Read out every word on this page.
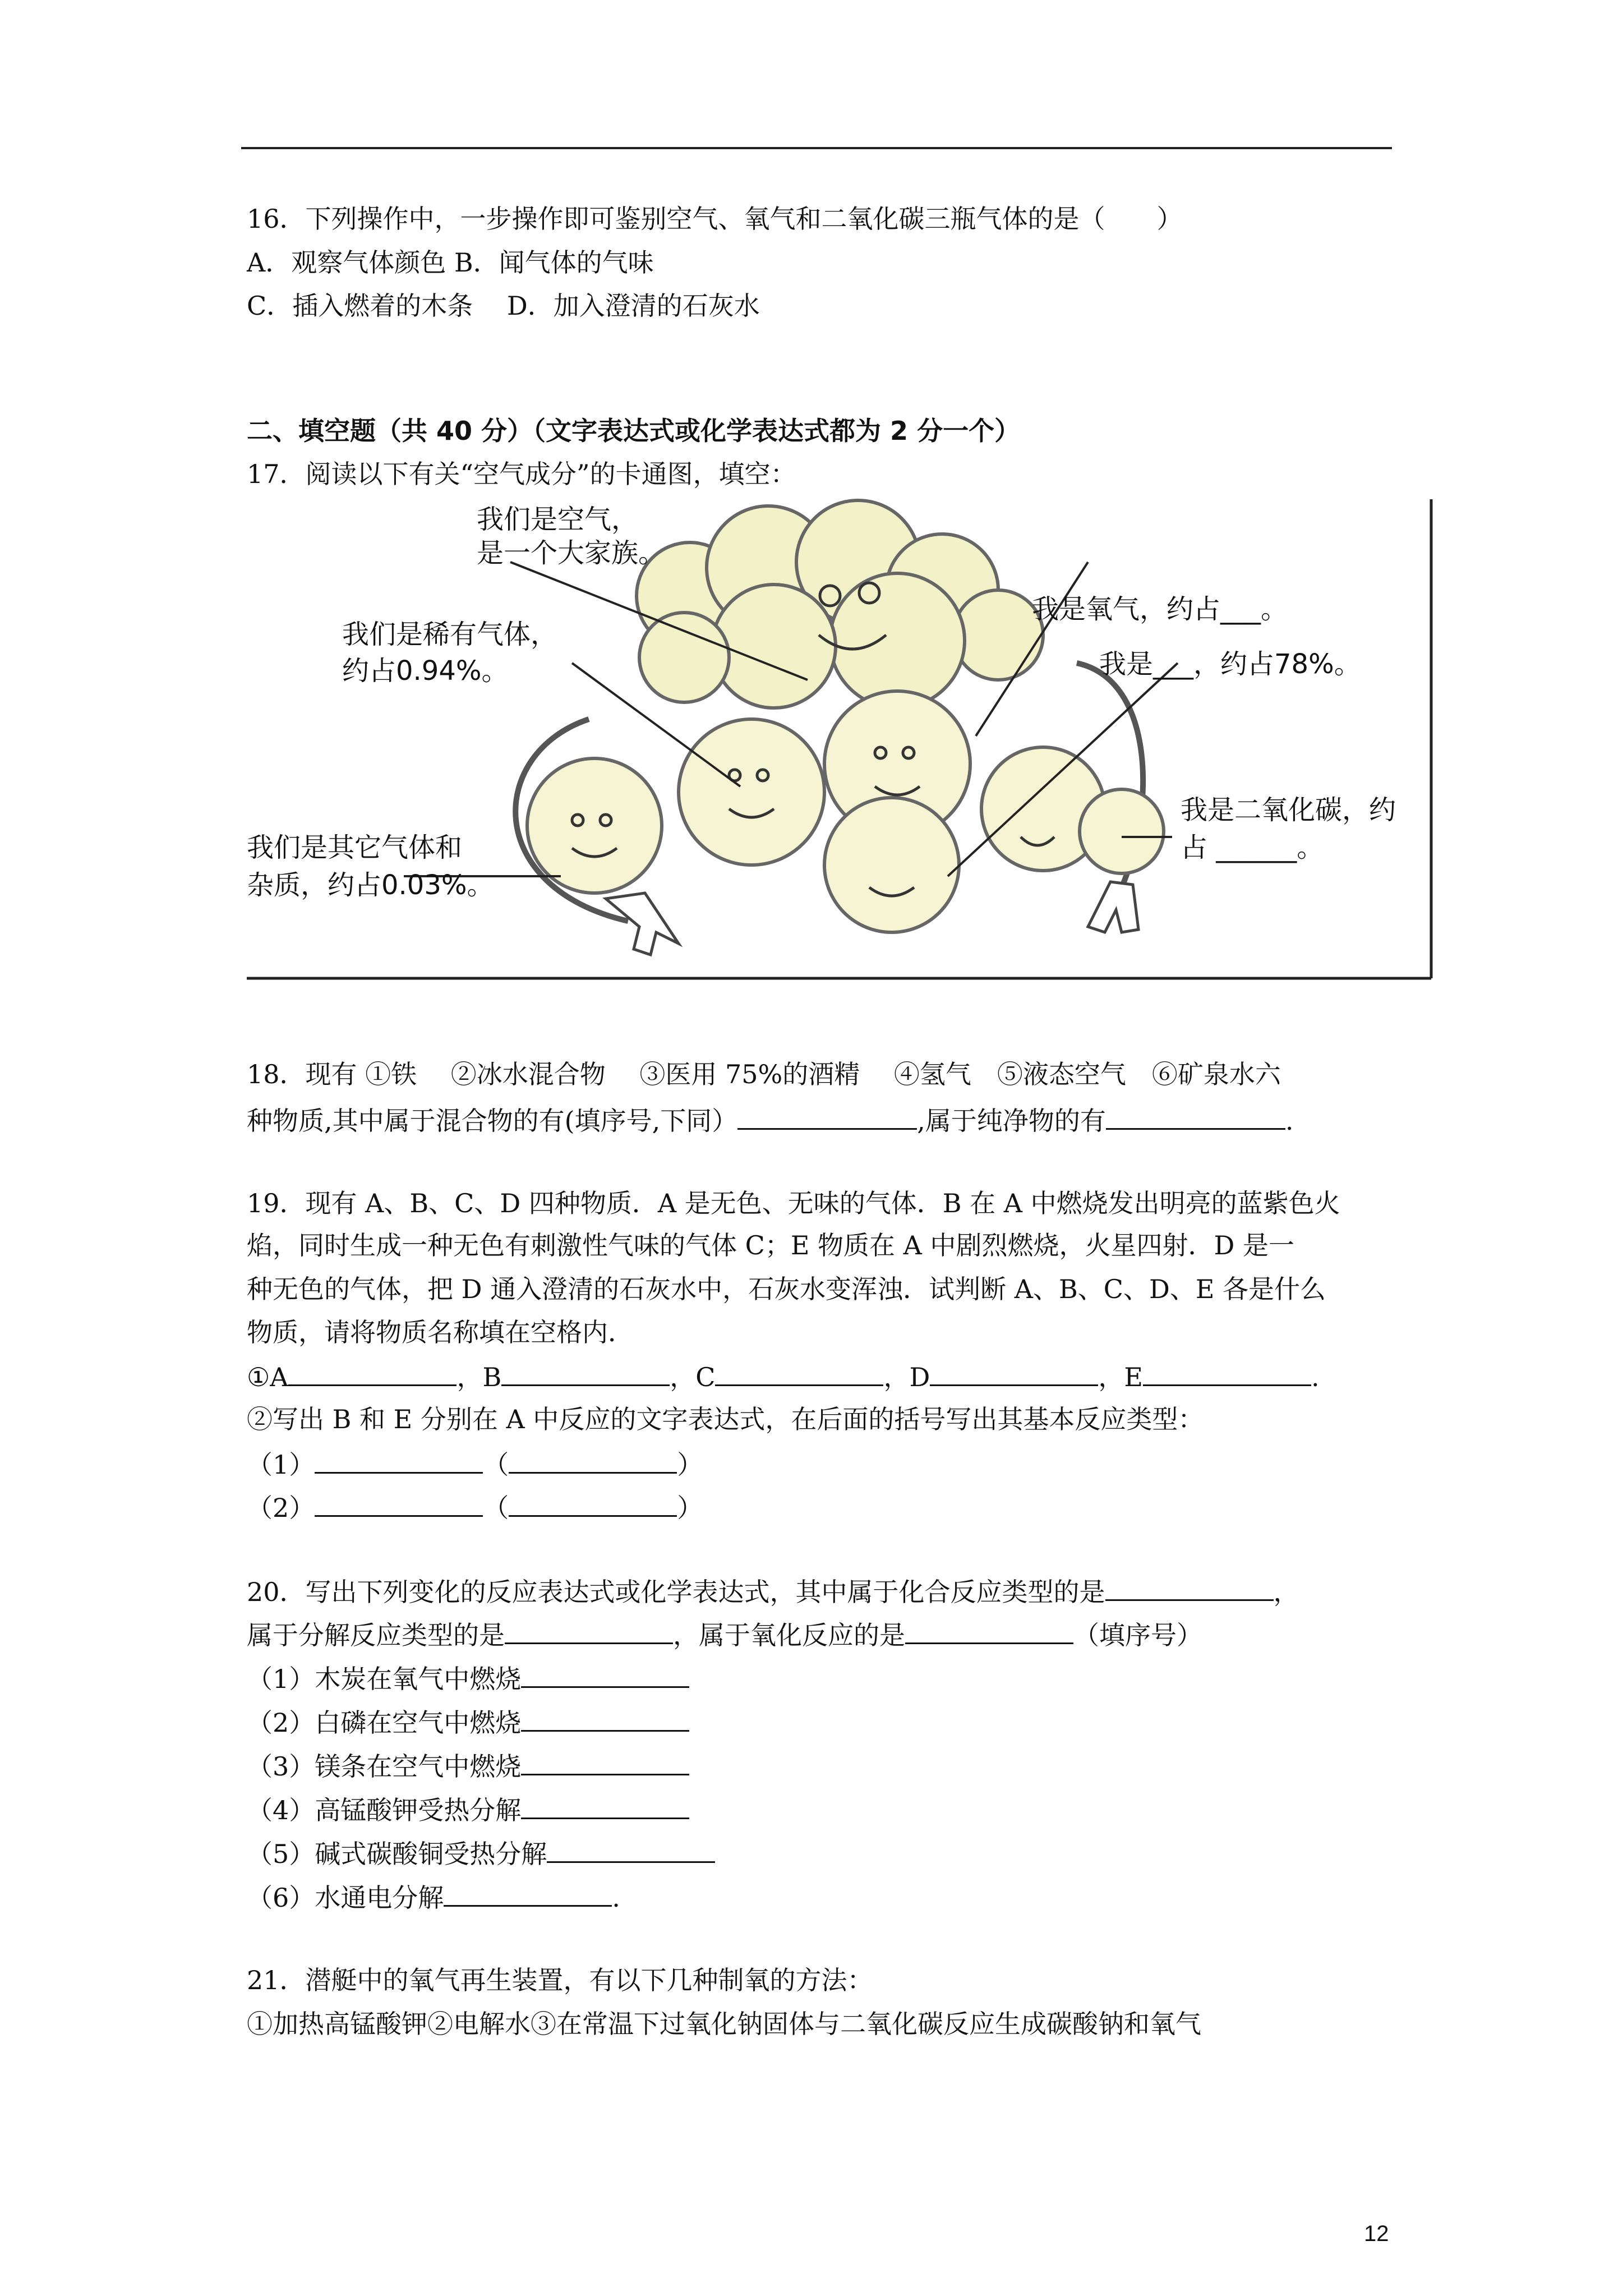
16．下列操作中，一步操作即可鉴别空气、氧气和二氧化碳三瓶气体的是（　　）
A．观察气体颜色 B．闻气体的气味
C．插入燃着的木条　 D．加入澄清的石灰水
二、填空题（共 40 分）（文字表达式或化学表达式都为 2 分一个）
17．阅读以下有关“空气成分”的卡通图，填空：
我们是空气，
是一个大家族。
我们是稀有气体，
约占0.94%。
我是氧气，约占___。
我是___，约占78%。
我们是其它气体和
杂质，约占0.03%。
我是二氧化碳，约
占 ______。
18．现有 ①铁　 ②冰水混合物　 ③医用 75%的酒精　 ④氢气　⑤液态空气　⑥矿泉水六
种物质,其中属于混合物的有(填序号,下同）	,属于纯净物的有	.
19．现有 A、B、C、D 四种物质．A 是无色、无味的气体．B 在 A 中燃烧发出明亮的蓝紫色火
焰，同时生成一种无色有刺激性气味的气体 C；E 物质在 A 中剧烈燃烧，火星四射．D 是一
种无色的气体，把 D 通入澄清的石灰水中，石灰水变浑浊．试判断 A、B、C、D、E 各是什么
物质，请将物质名称填在空格内．
①A	，B	，C	，D	，E	.
②写出 B 和 E 分别在 A 中反应的文字表达式，在后面的括号写出其基本反应类型：
（1）	（	）
（2）	（	）
20．写出下列变化的反应表达式或化学表达式，其中属于化合反应类型的是	，
属于分解反应类型的是	，属于氧化反应的是	（填序号）
（1）木炭在氧气中燃烧
（2）白磷在空气中燃烧
（3）镁条在空气中燃烧
（4）高锰酸钾受热分解
（5）碱式碳酸铜受热分解
（6）水通电分解	.
21．潜艇中的氧气再生装置，有以下几种制氧的方法：
①加热高锰酸钾②电解水③在常温下过氧化钠固体与二氧化碳反应生成碳酸钠和氧气
12
